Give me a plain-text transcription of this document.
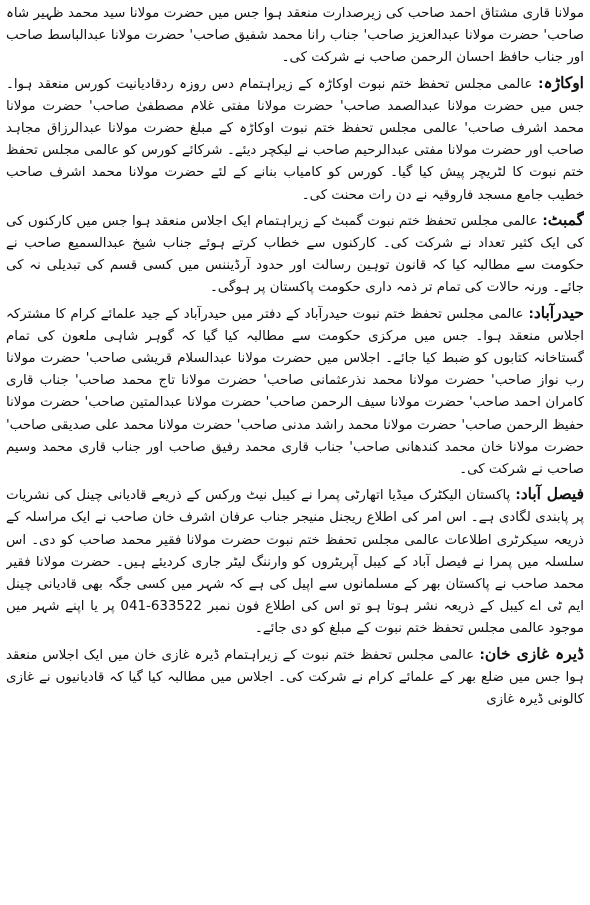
مولانا قاری مشتاق احمد صاحب کی زیرصدارت منعقد ہوا جس میں حضرت مولانا سید محمد ظہیر شاہ صاحب' حضرت مولانا عبدالعزیز صاحب' جناب رانا محمد شفیق صاحب' حضرت مولانا عبدالباسط صاحب اور جناب حافظ احسان الرحمن صاحب نے شرکت کی۔

اوکاڑہ: عالمی مجلس تحفظ ختم نبوت اوکاڑہ کے زیراہتمام دس روزہ ردقادیانیت کورس منعقد ہوا۔ جس میں حضرت مولانا عبدالصمد صاحب' حضرت مولانا مفتی غلام مصطفیٰ صاحب' حضرت مولانا محمد اشرف صاحب' عالمی مجلس تحفظ ختم نبوت اوکاڑہ کے مبلغ حضرت مولانا عبدالرزاق مجاہد صاحب اور حضرت مولانا مفتی عبدالرحیم صاحب نے لیکچر دیئے۔ شرکائے کورس کو عالمی مجلس تحفظ ختم نبوت کا لٹریچر پیش کیا گیا۔ کورس کو کامیاب بنانے کے لئے حضرت مولانا محمد اشرف صاحب خطیب جامع مسجد فاروقیہ نے دن رات محنت کی۔

گمبٹ: عالمی مجلس تحفظ ختم نبوت گمبٹ کے زیراہتمام ایک اجلاس منعقد ہوا جس میں کارکنوں کی کی ایک کثیر تعداد نے شرکت کی۔ کارکنوں سے خطاب کرتے ہوئے جناب شیخ عبدالسمیع صاحب نے حکومت سے مطالبہ کیا کہ قانون توہین رسالت اور حدود آرڈیننس میں کسی قسم کی تبدیلی نہ کی جائے۔ ورنہ حالات کی تمام تر ذمہ داری حکومت پاکستان پر ہوگی۔

حیدرآباد: عالمی مجلس تحفظ ختم نبوت حیدرآباد کے دفتر میں حیدرآباد کے جید علمائے کرام کا مشترکہ اجلاس منعقد ہوا۔ جس میں مرکزی حکومت سے مطالبہ کیا گیا کہ گوہر شاہی ملعون کی تمام گستاخانہ کتابوں کو ضبط کیا جائے۔ اجلاس میں حضرت مولانا عبدالسلام قریشی صاحب' حضرت مولانا رب نواز صاحب' حضرت مولانا محمد نذرعثمانی صاحب' حضرت مولانا تاج محمد صاحب' جناب قاری کامران احمد صاحب' حضرت مولانا سیف الرحمن صاحب' حضرت مولانا عبدالمتین صاحب' حضرت مولانا حفیظ الرحمن صاحب' حضرت مولانا محمد راشد مدنی صاحب' حضرت مولانا محمد علی صدیقی صاحب' حضرت مولانا خان محمد کندھانی صاحب' جناب قاری محمد رفیق صاحب اور جناب قاری محمد وسیم صاحب نے شرکت کی۔

فیصل آباد: پاکستان الیکٹرک میڈیا اتھارٹی پمرا نے کیبل نیٹ ورکس کے ذریعے قادیانی چینل کی نشریات پر پابندی لگادی ہے۔ اس امر کی اطلاع ریجنل منیجر جناب عرفان اشرف خان صاحب نے ایک مراسلہ کے ذریعہ سیکرٹری اطلاعات عالمی مجلس تحفظ ختم نبوت حضرت مولانا فقیر محمد صاحب کو دی۔ اس سلسلہ میں پمرا نے فیصل آباد کے کیبل آپریٹروں کو وارننگ لیٹر جاری کردیئے ہیں۔ حضرت مولانا فقیر محمد صاحب نے پاکستان بھر کے مسلمانوں سے اپیل کی ہے کہ شہر میں کسی جگہ بھی قادیانی چینل ایم ٹی اے کیبل کے ذریعہ نشر ہوتا ہو تو اس کی اطلاع فون نمبر 633522-041 پر یا اپنے شہر میں موجود عالمی مجلس تحفظ ختم نبوت کے مبلغ کو دی جائے۔

ڈیرہ غازی خان: عالمی مجلس تحفظ ختم نبوت کے زیراہتمام ڈیرہ غازی خان میں ایک اجلاس منعقد ہوا جس میں ضلع بھر کے علمائے کرام نے شرکت کی۔ اجلاس میں مطالبہ کیا گیا کہ قادیانیوں نے غازی کالونی ڈیرہ غازی
